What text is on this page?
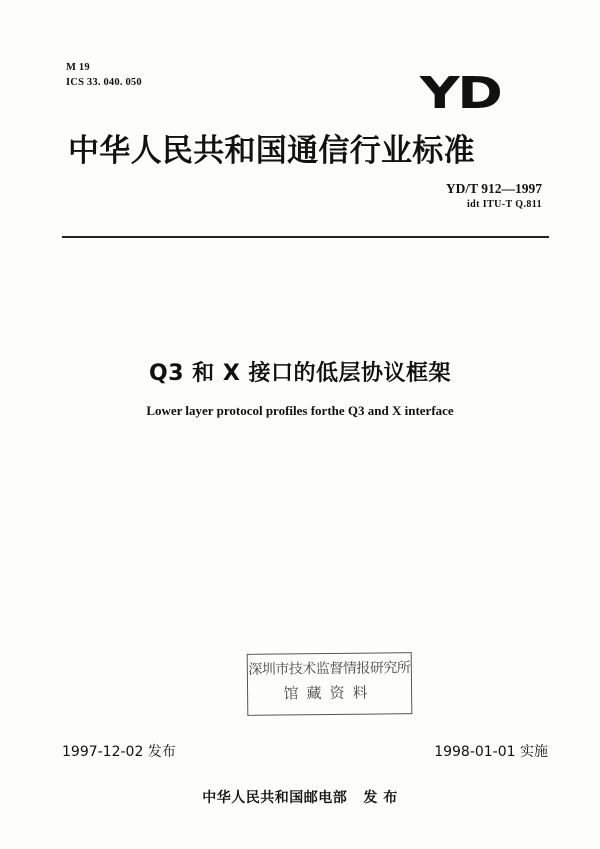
M 19
ICS 33. 040. 050	YD
中华人民共和国通信行业标准
YD/T 912—1997
idt ITU-T Q.811
Q3 和 X 接口的低层协议框架
Lower layer protocol profiles forthe Q3 and X interface
深圳市技术监督情报研究所
馆藏资料
1997-12-02 发布	1998-01-01 实施
中华人民共和国邮电部   发 布
